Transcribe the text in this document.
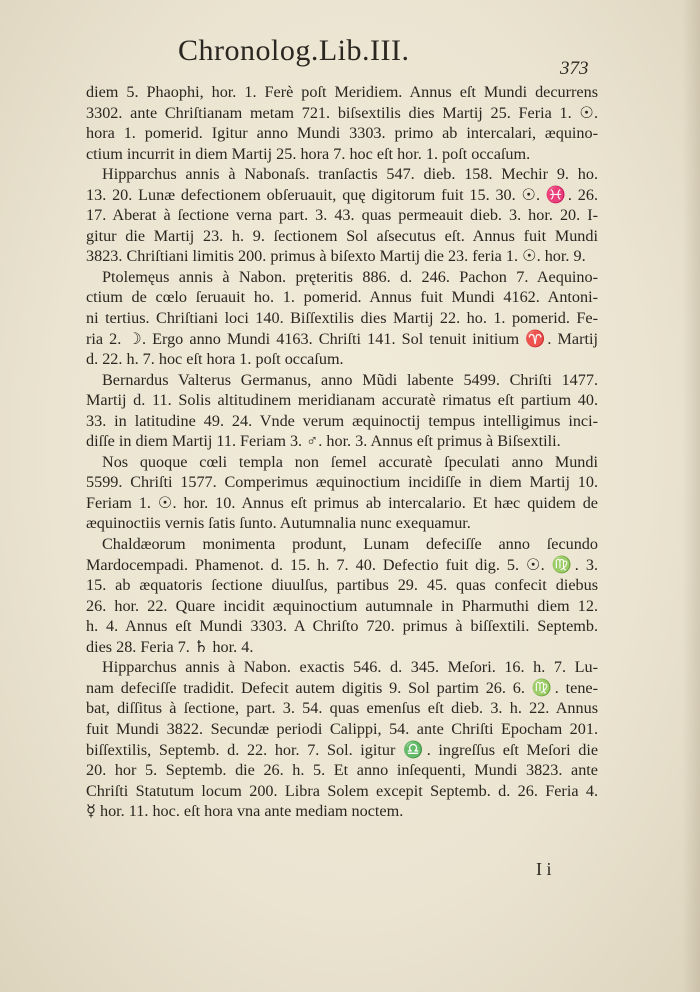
Chronolog.Lib.III.
373
diem 5. Phaophi, hor. 1. Ferè poſt Meridiem. Annus eſt Mundi decurrens
3302. ante Chriſtianam metam 721. biſsextilis dies Martij 25. Feria 1. ☉.
hora 1. pomerid. Igitur anno Mundi 3303. primo ab intercalari, æquino-
ctium incurrit in diem Martij 25. hora 7. hoc eſt hor. 1. poſt occaſum.
Hipparchus annis à Nabonaſs. tranſactis 547. dieb. 158. Mechir 9. ho.
13. 20. Lunæ defectionem obſeruauit, quę digitorum fuit 15. 30. ☉. ♓. 26.
17. Aberat à ſectione verna part. 3. 43. quas permeauit dieb. 3. hor. 20. I-
gitur die Martij 23. h. 9. ſectionem Sol aſsecutus eſt. Annus fuit Mundi
3823. Chriſtiani limitis 200. primus à biſexto Martij die 23. feria 1. ☉. hor. 9.
Ptolemęus annis à Nabon. pręteritis 886. d. 246. Pachon 7. Aequino-
ctium de cœlo ſeruauit ho. 1. pomerid. Annus fuit Mundi 4162. Antoni-
ni tertius. Chriſtiani loci 140. Biſſextilis dies Martij 22. ho. 1. pomerid. Fe-
ria 2. ☽. Ergo anno Mundi 4163. Chriſti 141. Sol tenuit initium ♈. Martij
d. 22. h. 7. hoc eſt hora 1. poſt occaſum.
Bernardus Valterus Germanus, anno Mũdi labente 5499. Chriſti 1477.
Martij d. 11. Solis altitudinem meridianam accuratè rimatus eſt partium 40.
33. in latitudine 49. 24. Vnde verum æquinoctij tempus intelligimus inci-
diſſe in diem Martij 11. Feriam 3. ♂. hor. 3. Annus eſt primus à Biſsextili.
Nos quoque cœli templa non ſemel accuratè ſpeculati anno Mundi
5599. Chriſti 1577. Comperimus æquinoctium incidiſſe in diem Martij 10.
Feriam 1. ☉. hor. 10. Annus eſt primus ab intercalario. Et hæc quidem de
æquinoctiis vernis ſatis ſunto. Autumnalia nunc exequamur.
Chaldæorum monimenta produnt, Lunam defeciſſe anno ſecundo
Mardocempadi. Phamenot. d. 15. h. 7. 40. Defectio fuit dig. 5. ☉. ♍. 3.
15. ab æquatoris ſectione diuulſus, partibus 29. 45. quas confecit diebus
26. hor. 22. Quare incidit æquinoctium autumnale in Pharmuthi diem 12.
h. 4. Annus eſt Mundi 3303. A Chriſto 720. primus à biſſextili. Septemb.
dies 28. Feria 7. ♄ hor. 4.
Hipparchus annis à Nabon. exactis 546. d. 345. Meſori. 16. h. 7. Lu-
nam defeciſſe tradidit. Defecit autem digitis 9. Sol partim 26. 6. ♍. tene-
bat, diſſitus à ſectione, part. 3. 54. quas emenſus eſt dieb. 3. h. 22. Annus
fuit Mundi 3822. Secundæ periodi Calippi, 54. ante Chriſti Epocham 201.
biſſextilis, Septemb. d. 22. hor. 7. Sol. igitur ♎. ingreſſus eſt Meſori die
20. hor 5. Septemb. die 26. h. 5. Et anno inſequenti, Mundi 3823. ante
Chriſti Statutum locum 200. Libra Solem excepit Septemb. d. 26. Feria 4.
☿ hor. 11. hoc. eſt hora vna ante mediam noctem.
I i
